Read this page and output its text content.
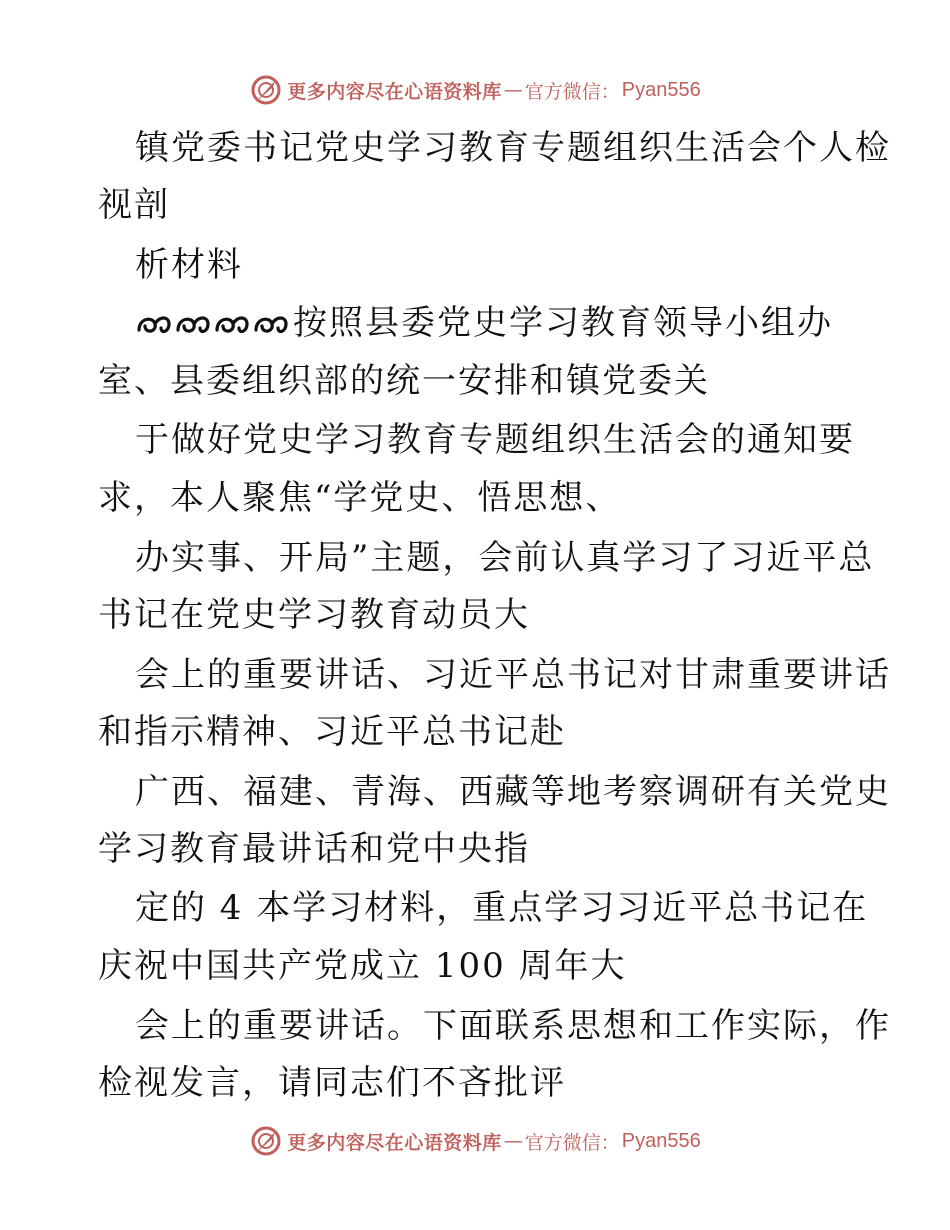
更多内容尽在心语资料库 — 官方微信： Pyan556
镇党委书记党史学习教育专题组织生活会个人检
视剖
析材料
按照县委党史学习教育领导小组办
室、县委组织部的统一安排和镇党委关
于做好党史学习教育专题组织生活会的通知要
求，本人聚焦“学党史、悟思想、
办实事、开局”主题，会前认真学习了习近平总
书记在党史学习教育动员大
会上的重要讲话、习近平总书记对甘肃重要讲话
和指示精神、习近平总书记赴
广西、福建、青海、西藏等地考察调研有关党史
学习教育最讲话和党中央指
定的 4 本学习材料，重点学习习近平总书记在
庆祝中国共产党成立 100 周年大
会上的重要讲话。下面联系思想和工作实际，作
检视发言，请同志们不吝批评
更多内容尽在心语资料库 — 官方微信： Pyan556
